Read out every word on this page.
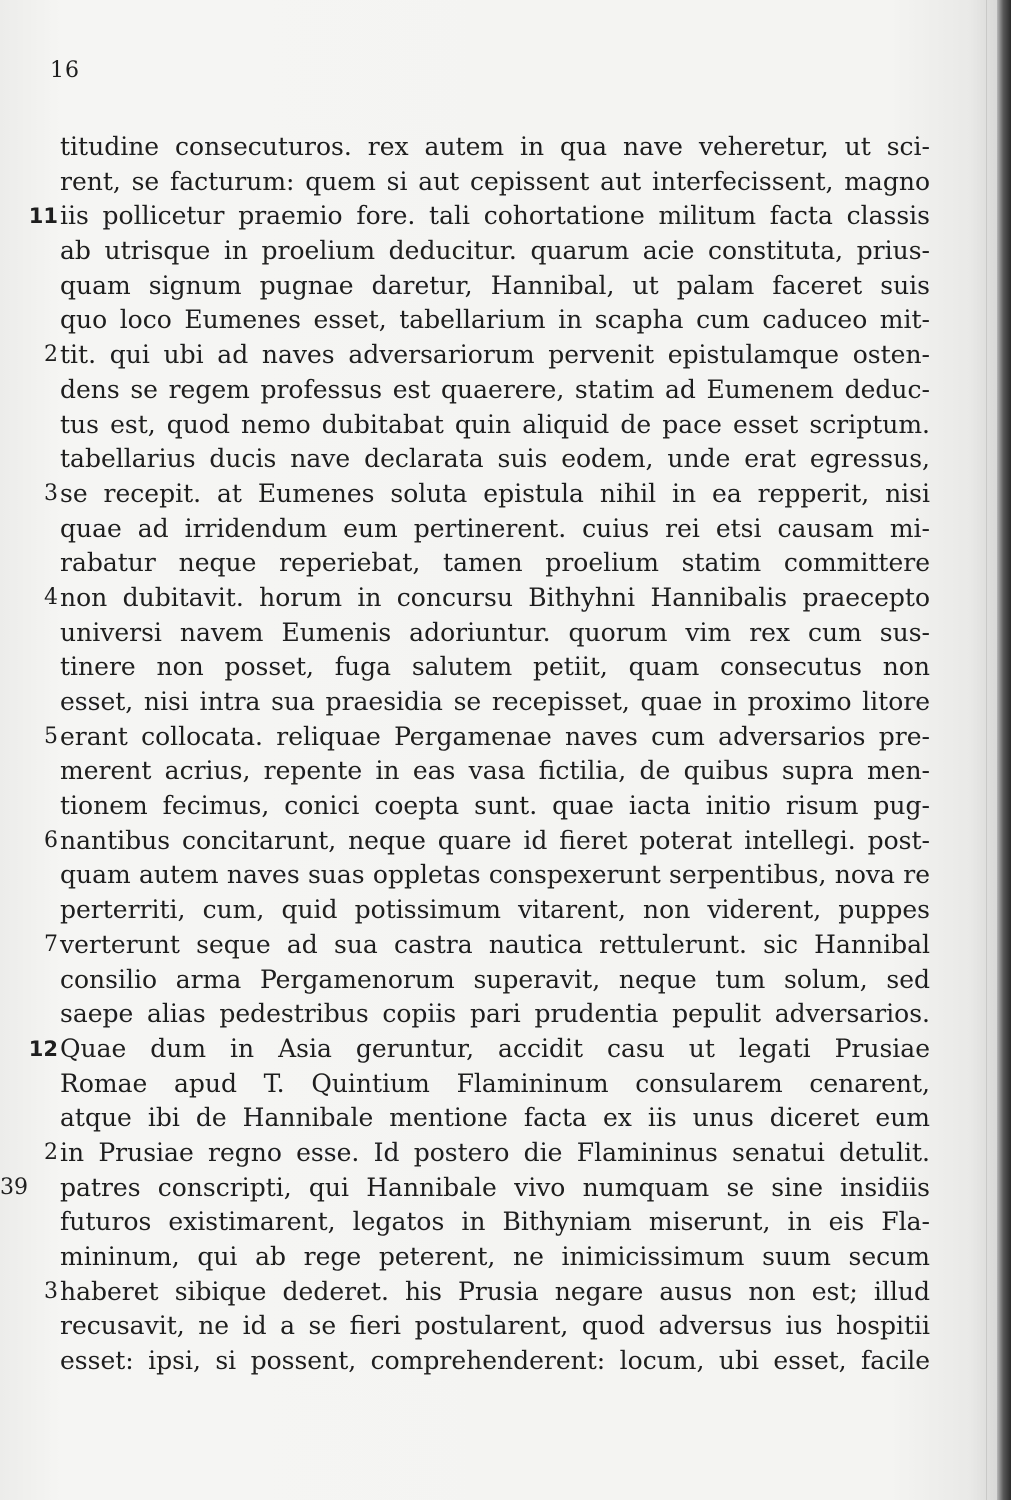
16
titudine consecuturos. rex autem in qua nave veheretur, ut sci-
rent, se facturum: quem si aut cepissent aut interfecissent, magno
11 iis pollicetur praemio fore. tali cohortatione militum facta classis
ab utrisque in proelium deducitur. quarum acie constituta, prius-
quam signum pugnae daretur, Hannibal, ut palam faceret suis
quo loco Eumenes esset, tabellarium in scapha cum caduceo mit-
2 tit. qui ubi ad naves adversariorum pervenit epistulamque osten-
dens se regem professus est quaerere, statim ad Eumenem deduc-
tus est, quod nemo dubitabat quin aliquid de pace esset scriptum.
tabellarius ducis nave declarata suis eodem, unde erat egressus,
3 se recepit. at Eumenes soluta epistula nihil in ea repperit, nisi
quae ad irridendum eum pertinerent. cuius rei etsi causam mi-
rabatur neque reperiebat, tamen proelium statim committere
4 non dubitavit. horum in concursu Bithyhni Hannibalis praecepto
universi navem Eumenis adoriuntur. quorum vim rex cum sus-
tinere non posset, fuga salutem petiit, quam consecutus non
esset, nisi intra sua praesidia se recepisset, quae in proximo litore
5 erant collocata. reliquae Pergamenae naves cum adversarios pre-
merent acrius, repente in eas vasa fictilia, de quibus supra men-
tionem fecimus, conici coepta sunt. quae iacta initio risum pug-
6 nantibus concitarunt, neque quare id fieret poterat intellegi. post-
quam autem naves suas oppletas conspexerunt serpentibus, nova re
perterriti, cum, quid potissimum vitarent, non viderent, puppes
7 verterunt seque ad sua castra nautica rettulerunt. sic Hannibal
consilio arma Pergamenorum superavit, neque tum solum, sed
saepe alias pedestribus copiis pari prudentia pepulit adversarios.
12 Quae dum in Asia geruntur, accidit casu ut legati Prusiae
Romae apud T. Quintium Flamininum consularem cenarent,
atque ibi de Hannibale mentione facta ex iis unus diceret eum
2 in Prusiae regno esse. Id postero die Flamininus senatui detulit.
39 patres conscripti, qui Hannibale vivo numquam se sine insidiis
futuros existimarent, legatos in Bithyniam miserunt, in eis Fla-
mininum, qui ab rege peterent, ne inimicissimum suum secum
3 haberet sibique dederet. his Prusia negare ausus non est; illud
recusavit, ne id a se fieri postularent, quod adversus ius hospitii
esset: ipsi, si possent, comprehenderent: locum, ubi esset, facile
